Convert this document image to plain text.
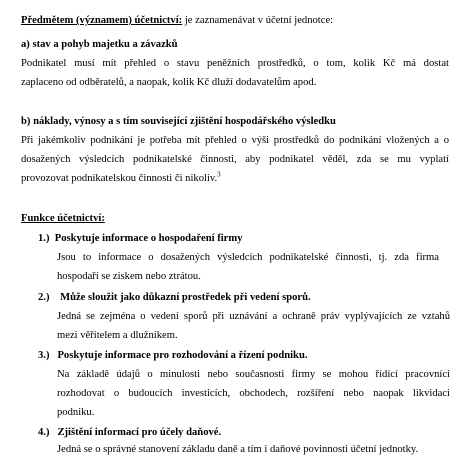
Předmětem (významem) účetnictví: je zaznamenávat v účetní jednotce:
a) stav a pohyb majetku a závazků
Podnikatel musí mít přehled o stavu peněžních prostředků, o tom, kolik Kč má dostat
zaplaceno od odběratelů, a naopak, kolik Kč dluží dodavatelům apod.
b) náklady, výnosy a s tím související zjištění hospodářského výsledku
Při jakémkoliv podnikání je potřeba mít přehled o výši prostředků do podnikání vložených a o
dosažených výsledcích podnikatelské činnosti, aby podnikatel věděl, zda se mu vyplatí
provozovat podnikatelskou činnosti či nikoliv.$^3$
Funkce účetnictví:
1.) Poskytuje informace o hospodaření firmy
Jsou to informace o dosažených výsledcích podnikatelské činnosti, tj. zda firma
hospodaří se ziskem nebo ztrátou.
2.) Může sloužit jako důkazní prostředek při vedení sporů.
Jedná se zejména o vedení sporů při uznávání a ochraně práv vyplývajících ze vztahů
mezi věřitelem a dlužníkem.
3.) Poskytuje informace pro rozhodování a řízení podniku.
Na základě údajů o minulosti nebo současnosti firmy se mohou řídící pracovníci
rozhodovat o budoucích investicích, obchodech, rozšíření nebo naopak likvidaci
podniku.
4.) Zjištění informací pro účely daňové.
Jedná se o správné stanovení základu daně a tím i daňové povinnosti účetní jednotky.
